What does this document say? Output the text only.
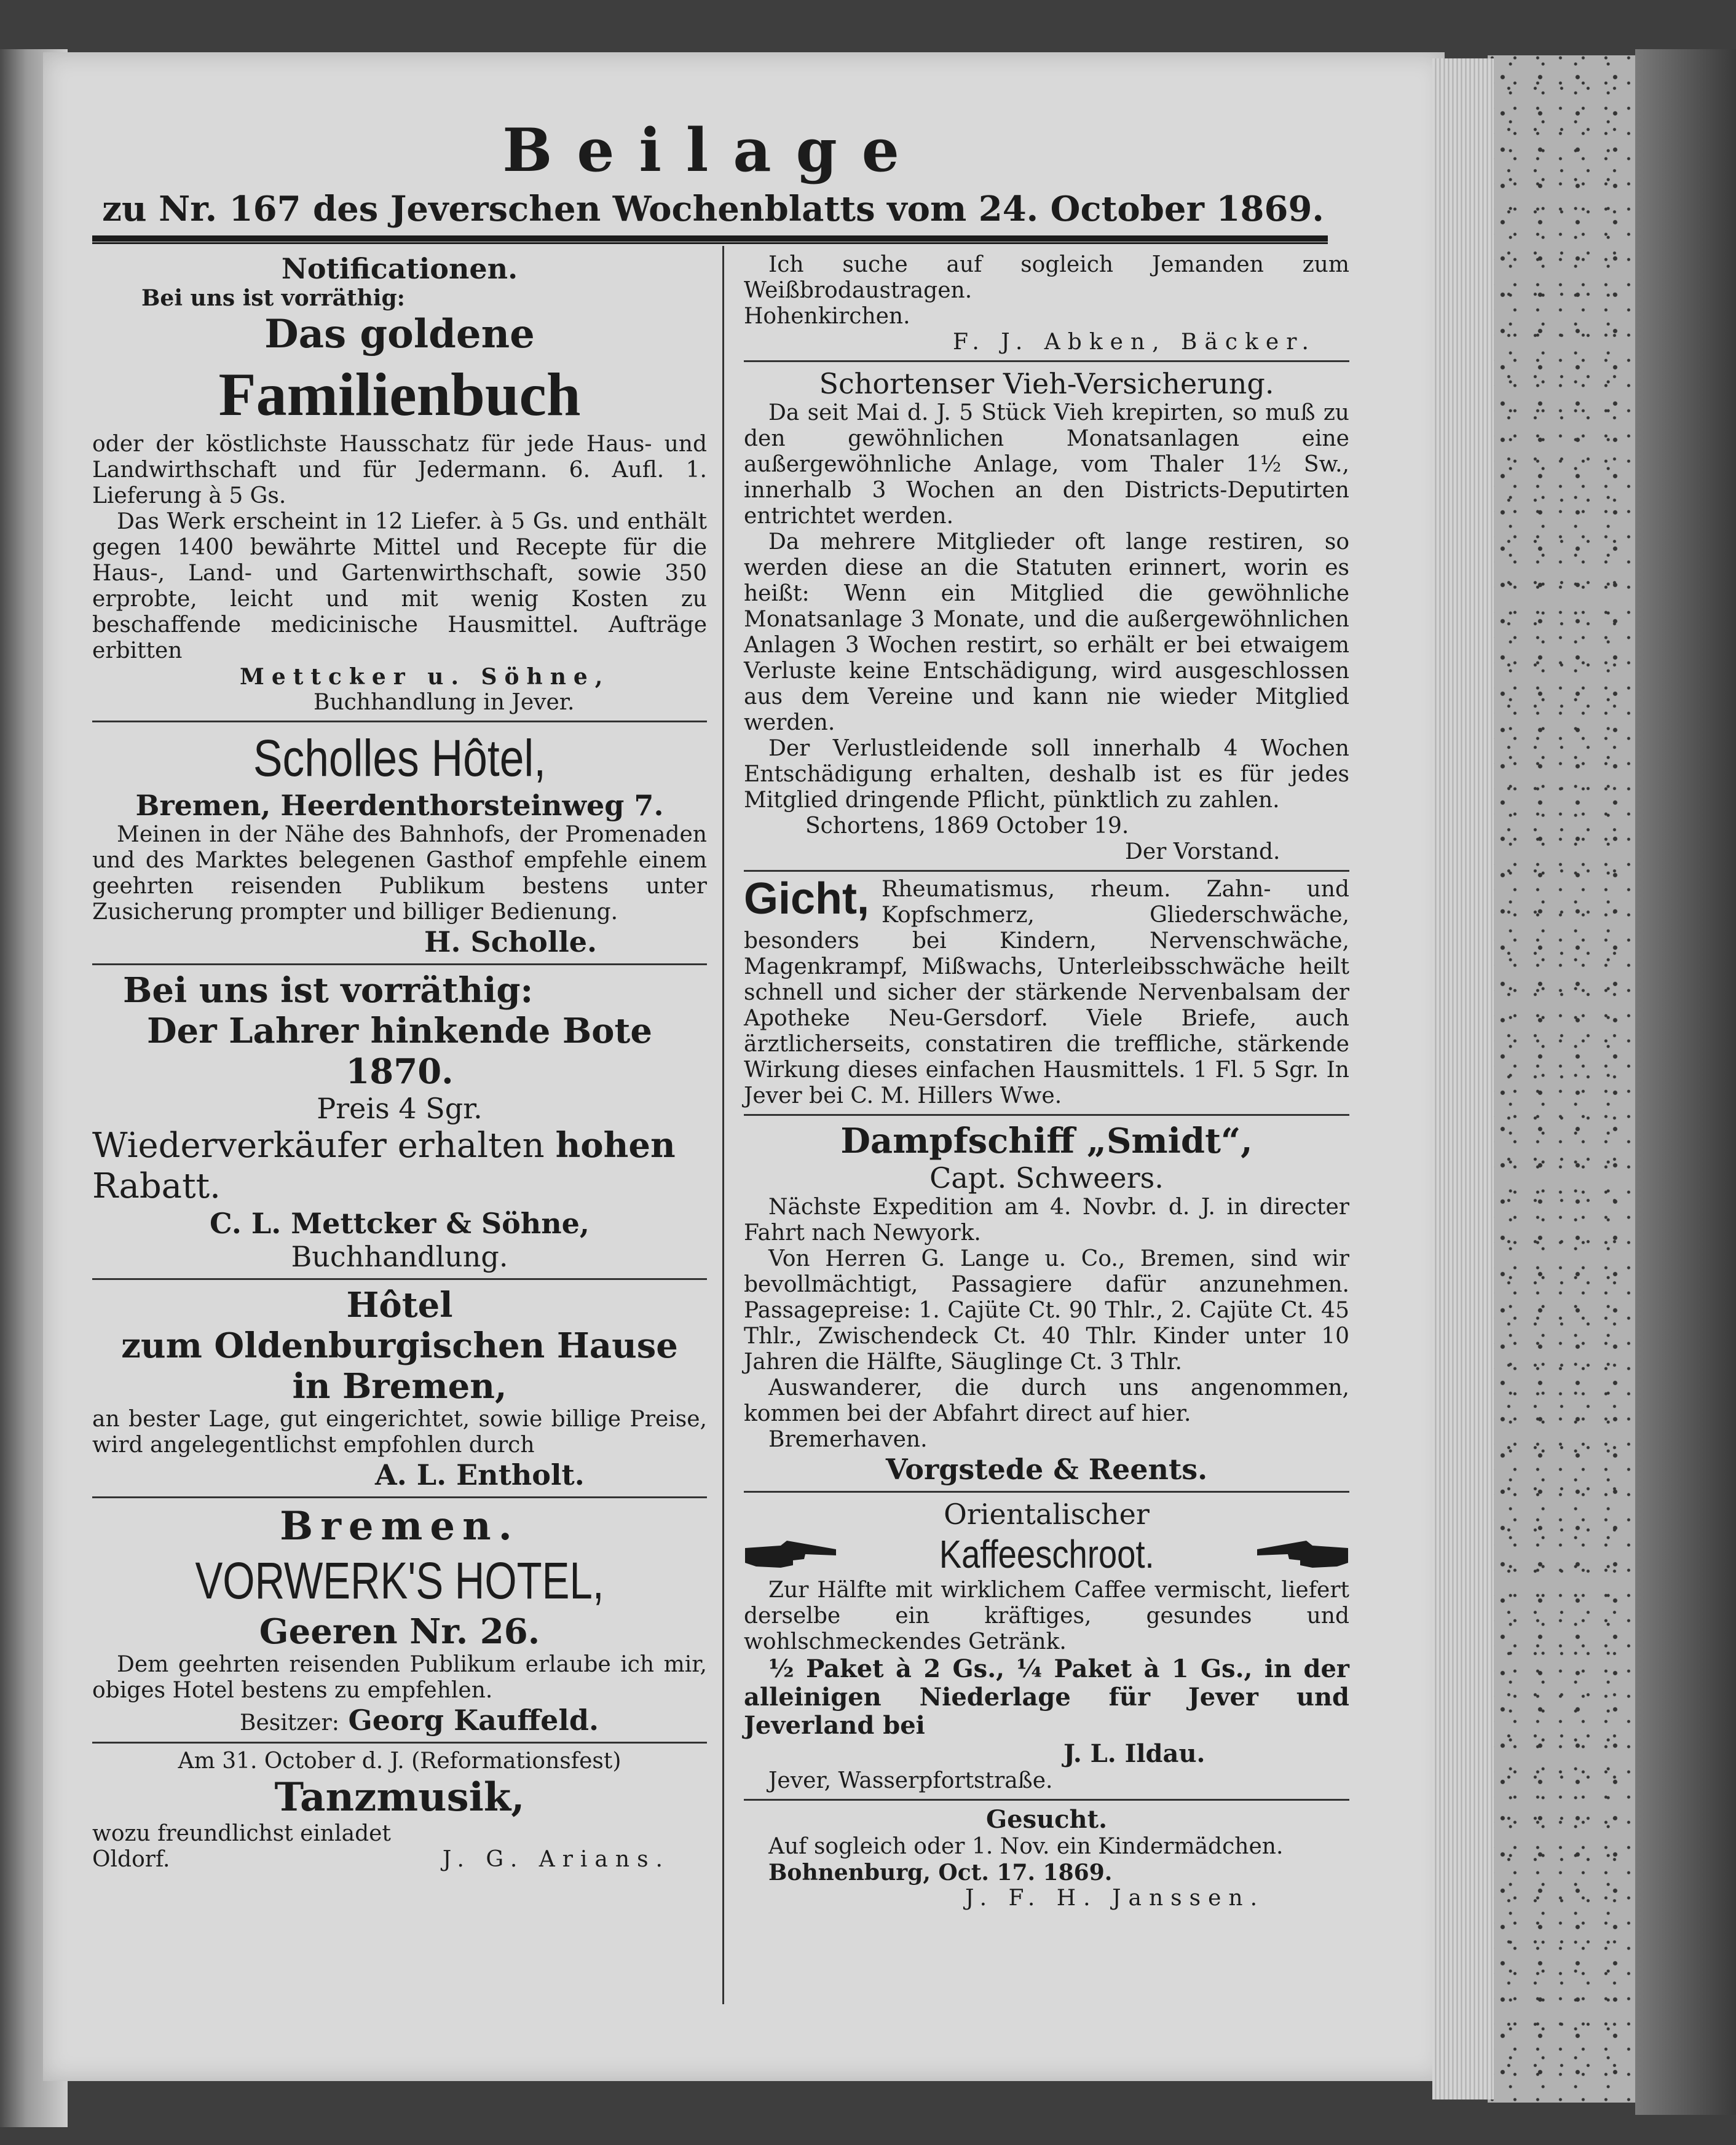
Beilage
zu Nr. 167 des Jeverschen Wochenblatts vom 24. October 1869.
Notificationen.
Bei uns ist vorräthig:
Das goldene
Familienbuch
oder der köstlichste Hausschatz für jede Haus- und Landwirthschaft und für Jedermann. 6. Aufl. 1. Lieferung à 5 Gs.
Das Werk erscheint in 12 Liefer. à 5 Gs. und enthält gegen 1400 bewährte Mittel und Recepte für die Haus-, Land- und Gartenwirthschaft, sowie 350 erprobte, leicht und mit wenig Kosten zu beschaffende medicinische Hausmittel. Aufträge erbitten
Mettcker u. Söhne,
Buchhandlung in Jever.
Scholles Hôtel,
Bremen, Heerdenthorsteinweg 7.
Meinen in der Nähe des Bahnhofs, der Promenaden und des Marktes belegenen Gasthof empfehle einem geehrten reisenden Publikum bestens unter Zusicherung prompter und billiger Bedienung.
H. Scholle.
Bei uns ist vorräthig:
Der Lahrer hinkende Bote
1870.
Preis 4 Sgr.
Wiederverkäufer erhalten hohen
Rabatt.
C. L. Mettcker & Söhne,
Buchhandlung.
Hôtel
zum Oldenburgischen Hause
in Bremen,
an bester Lage, gut eingerichtet, sowie billige Preise, wird angelegentlichst empfohlen durch
A. L. Entholt.
Bremen.
VORWERK'S HOTEL,
Geeren Nr. 26.
Dem geehrten reisenden Publikum erlaube ich mir, obiges Hotel bestens zu empfehlen.
Besitzer: Georg Kauffeld.
Am 31. October d. J. (Reformationsfest)
Tanzmusik,
wozu freundlichst einladet
Oldorf.	J. G. Arians.
Ich suche auf sogleich Jemanden zum Weißbrodaustragen.
Hohenkirchen.
F. J. Abken, Bäcker.
Schortenser Vieh-Versicherung.
Da seit Mai d. J. 5 Stück Vieh krepirten, so muß zu den gewöhnlichen Monatsanlagen eine außergewöhnliche Anlage, vom Thaler 1½ Sw., innerhalb 3 Wochen an den Districts-Deputirten entrichtet werden.
Da mehrere Mitglieder oft lange restiren, so werden diese an die Statuten erinnert, worin es heißt: Wenn ein Mitglied die gewöhnliche Monatsanlage 3 Monate, und die außergewöhnlichen Anlagen 3 Wochen restirt, so erhält er bei etwaigem Verluste keine Entschädigung, wird ausgeschlossen aus dem Vereine und kann nie wieder Mitglied werden.
Der Verlustleidende soll innerhalb 4 Wochen Entschädigung erhalten, deshalb ist es für jedes Mitglied dringende Pflicht, pünktlich zu zahlen.
Schortens, 1869 October 19.
Der Vorstand.
Gicht, Rheumatismus, rheum. Zahn- und Kopfschmerz, Gliederschwäche, besonders bei Kindern, Nervenschwäche, Magenkrampf, Mißwachs, Unterleibsschwäche heilt schnell und sicher der stärkende Nervenbalsam der Apotheke Neu-Gersdorf. Viele Briefe, auch ärztlicherseits, constatiren die treffliche, stärkende Wirkung dieses einfachen Hausmittels. 1 Fl. 5 Sgr. In Jever bei C. M. Hillers Wwe.
Dampfschiff „Smidt“,
Capt. Schweers.
Nächste Expedition am 4. Novbr. d. J. in directer Fahrt nach Newyork.
Von Herren G. Lange u. Co., Bremen, sind wir bevollmächtigt, Passagiere dafür anzunehmen. Passagepreise: 1. Cajüte Ct. 90 Thlr., 2. Cajüte Ct. 45 Thlr., Zwischendeck Ct. 40 Thlr. Kinder unter 10 Jahren die Hälfte, Säuglinge Ct. 3 Thlr.
Auswanderer, die durch uns angenommen, kommen bei der Abfahrt direct auf hier.
Bremerhaven.
Vorgstede & Reents.
Orientalischer
Kaffeeschroot.
Zur Hälfte mit wirklichem Caffee vermischt, liefert derselbe ein kräftiges, gesundes und wohlschmeckendes Getränk.
½ Paket à 2 Gs., ¼ Paket à 1 Gs., in der alleinigen Niederlage für Jever und Jeverland bei
J. L. Ildau.
Jever, Wasserpfortstraße.
Gesucht.
Auf sogleich oder 1. Nov. ein Kindermädchen.
Bohnenburg, Oct. 17. 1869.
J. F. H. Janssen.
